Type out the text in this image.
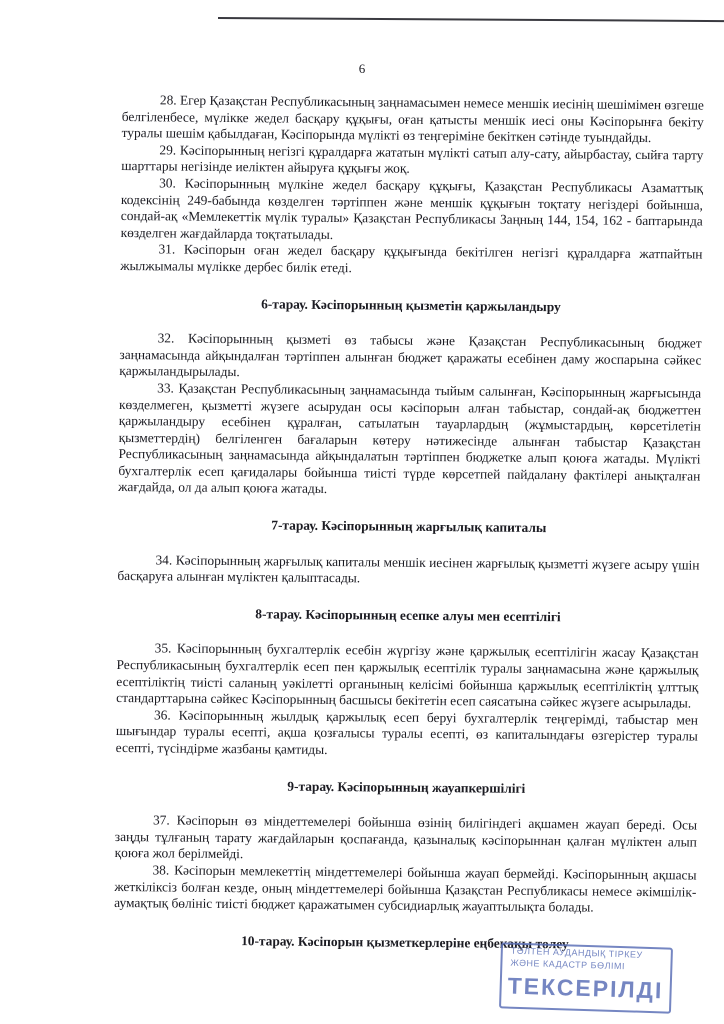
6

28. Егер Қазақстан Республикасының заңнамасымен немесе меншік иесінің шешімімен өзгеше белгіленбесе, мүлікке жедел басқару құқығы, оған қатысты меншік иесі оны Кәсіпорынға бекіту туралы шешім қабылдаған, Кәсіпорында мүлікті өз теңгеріміне бекіткен сәтінде туындайды.

29. Кәсіпорынның негізгі құралдарға жататын мүлікті сатып алу-сату, айырбастау, сыйға тарту шарттары негізінде иеліктен айыруға құқығы жоқ.

30. Кәсіпорынның мүлкіне жедел басқару құқығы, Қазақстан Республикасы Азаматтық кодексінің 249-бабында көзделген тәртіппен және меншік құқығын тоқтату негіздері бойынша, сондай-ақ «Мемлекеттік мүлік туралы» Қазақстан Республикасы Заңның 144, 154, 162 - баптарында көзделген жағдайларда тоқтатылады.

31. Кәсіпорын оған жедел басқару құқығында бекітілген негізгі құралдарға жатпайтын жылжымалы мүлікке дербес билік етеді.

6-тарау. Кәсіпорынның қызметін қаржыландыру

32. Кәсіпорынның қызметі өз табысы және Қазақстан Республикасының бюджет заңнамасында айқындалған тәртіппен алынған бюджет қаражаты есебінен даму жоспарына сәйкес қаржыландырылады.

33. Қазақстан Республикасының заңнамасында тыйым салынған, Кәсіпорынның жарғысында көзделмеген, қызметті жүзеге асырудан осы кәсіпорын алған табыстар, сондай-ақ бюджеттен қаржыландыру есебінен құралған, сатылатын тауарлардың (жұмыстардың, көрсетілетін қызметтердің) белгіленген бағаларын көтеру нәтижесінде алынған табыстар Қазақстан Республикасының заңнамасында айқындалатын тәртіппен бюджетке алып қоюға жатады. Мүлікті бухгалтерлік есеп қағидалары бойынша тиісті түрде көрсетпей пайдалану фактілері анықталған жағдайда, ол да алып қоюға жатады.

7-тарау. Кәсіпорынның жарғылық капиталы

34. Кәсіпорынның жарғылық капиталы меншік иесінен жарғылық қызметті жүзеге асыру үшін басқаруға алынған мүліктен қалыптасады.

8-тарау. Кәсіпорынның есепке алуы мен есептілігі

35. Кәсіпорынның бухгалтерлік есебін жүргізу және қаржылық есептілігін жасау Қазақстан Республикасының бухгалтерлік есеп пен қаржылық есептілік туралы заңнамасына және қаржылық есептіліктің тиісті саланың уәкілетті органының келісімі бойынша қаржылық есептіліктің ұлттық стандарттарына сәйкес Кәсіпорынның басшысы бекітетін есеп саясатына сәйкес жүзеге асырылады.

36. Кәсіпорынның жылдық қаржылық есеп беруі бухгалтерлік теңгерімді, табыстар мен шығындар туралы есепті, ақша қозғалысы туралы есепті, өз капиталындағы өзгерістер туралы есепті, түсіндірме жазбаны қамтиды.

9-тарау. Кәсіпорынның жауапкершілігі

37. Кәсіпорын өз міндеттемелері бойынша өзінің билігіндегі ақшамен жауап береді. Осы заңды тұлғаның тарату жағдайларын қоспағанда, қазыналық кәсіпорыннан қалған мүліктен алып қоюға жол берілмейді.

38. Кәсіпорын мемлекеттің міндеттемелері бойынша жауап бермейді. Кәсіпорынның ақшасы жеткіліксіз болған кезде, оның міндеттемелері бойынша Қазақстан Республикасы немесе әкімшілік-аумақтық бөлініс тиісті бюджет қаражатымен субсидиарлық жауаптылықта болады.

10-тарау. Кәсіпорын қызметкерлеріне еңбекақы төлеу
ТӘЛТЕН АУДАНДЫҚ ТІРКЕУ
ЖӘНЕ КАДАСТР БӨЛІМІ
ТЕКСЕРІЛДІ
